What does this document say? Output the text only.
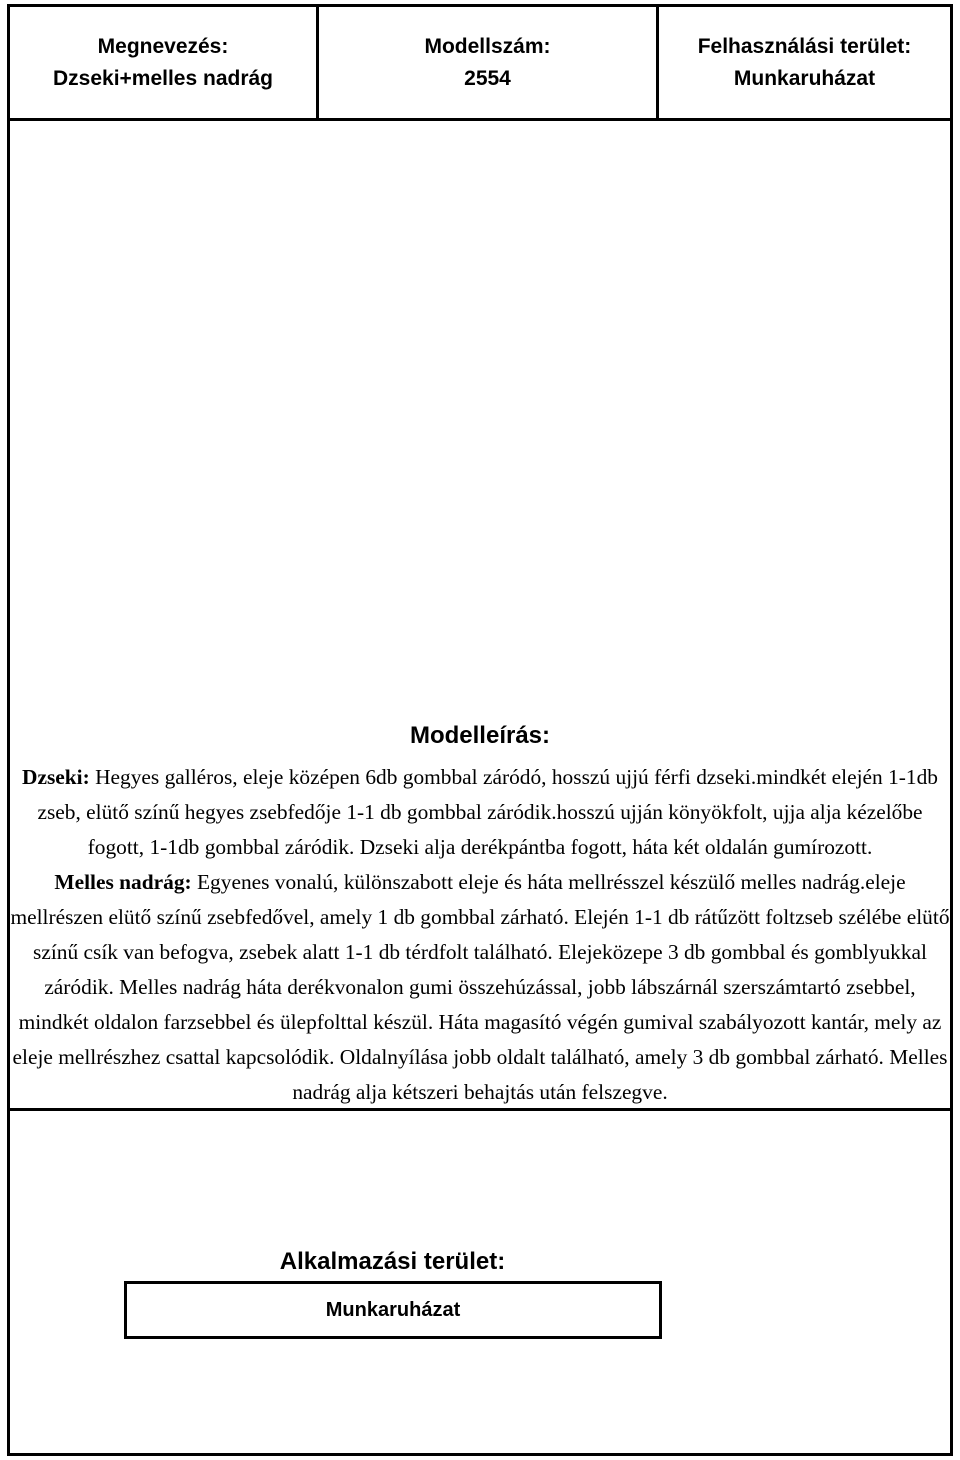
Megnevezés:
Dzseki+melles nadrág
Modellszám:
2554
Felhasználási terület:
Munkaruházat
Modelleírás:
Dzseki: Hegyes galléros, eleje középen 6db gombbal záródó, hosszú ujjú férfi dzseki.mindkét elején 1-1db zseb, elütő színű hegyes zsebfedője 1-1 db gombbal záródik.hosszú ujján könyökfolt, ujja alja kézelőbe fogott, 1-1db gombbal záródik. Dzseki alja derékpántba fogott, háta két oldalán gumírozott.
Melles nadrág: Egyenes vonalú, különszabott eleje és háta mellrésszel készülő melles nadrág.eleje mellrészen elütő színű zsebfedővel, amely 1 db gombbal zárható. Elején 1-1 db rátűzött foltzseb szélébe elütő színű csík van befogva, zsebek alatt 1-1 db térdfolt található. Elejeközepe 3 db gombbal és gomblyukkal záródik. Melles nadrág háta derékvonalon gumi összehúzással, jobb lábszárnál szerszámtartó zsebbel, mindkét oldalon farzsebbel és ülepfolttal készül. Háta magasító végén gumival szabályozott kantár, mely az eleje mellrészhez csattal kapcsolódik. Oldalnyílása jobb oldalt található, amely 3 db gombbal zárható. Melles nadrág alja kétszeri behajtás után felszegve.
Alkalmazási terület:
Munkaruházat
